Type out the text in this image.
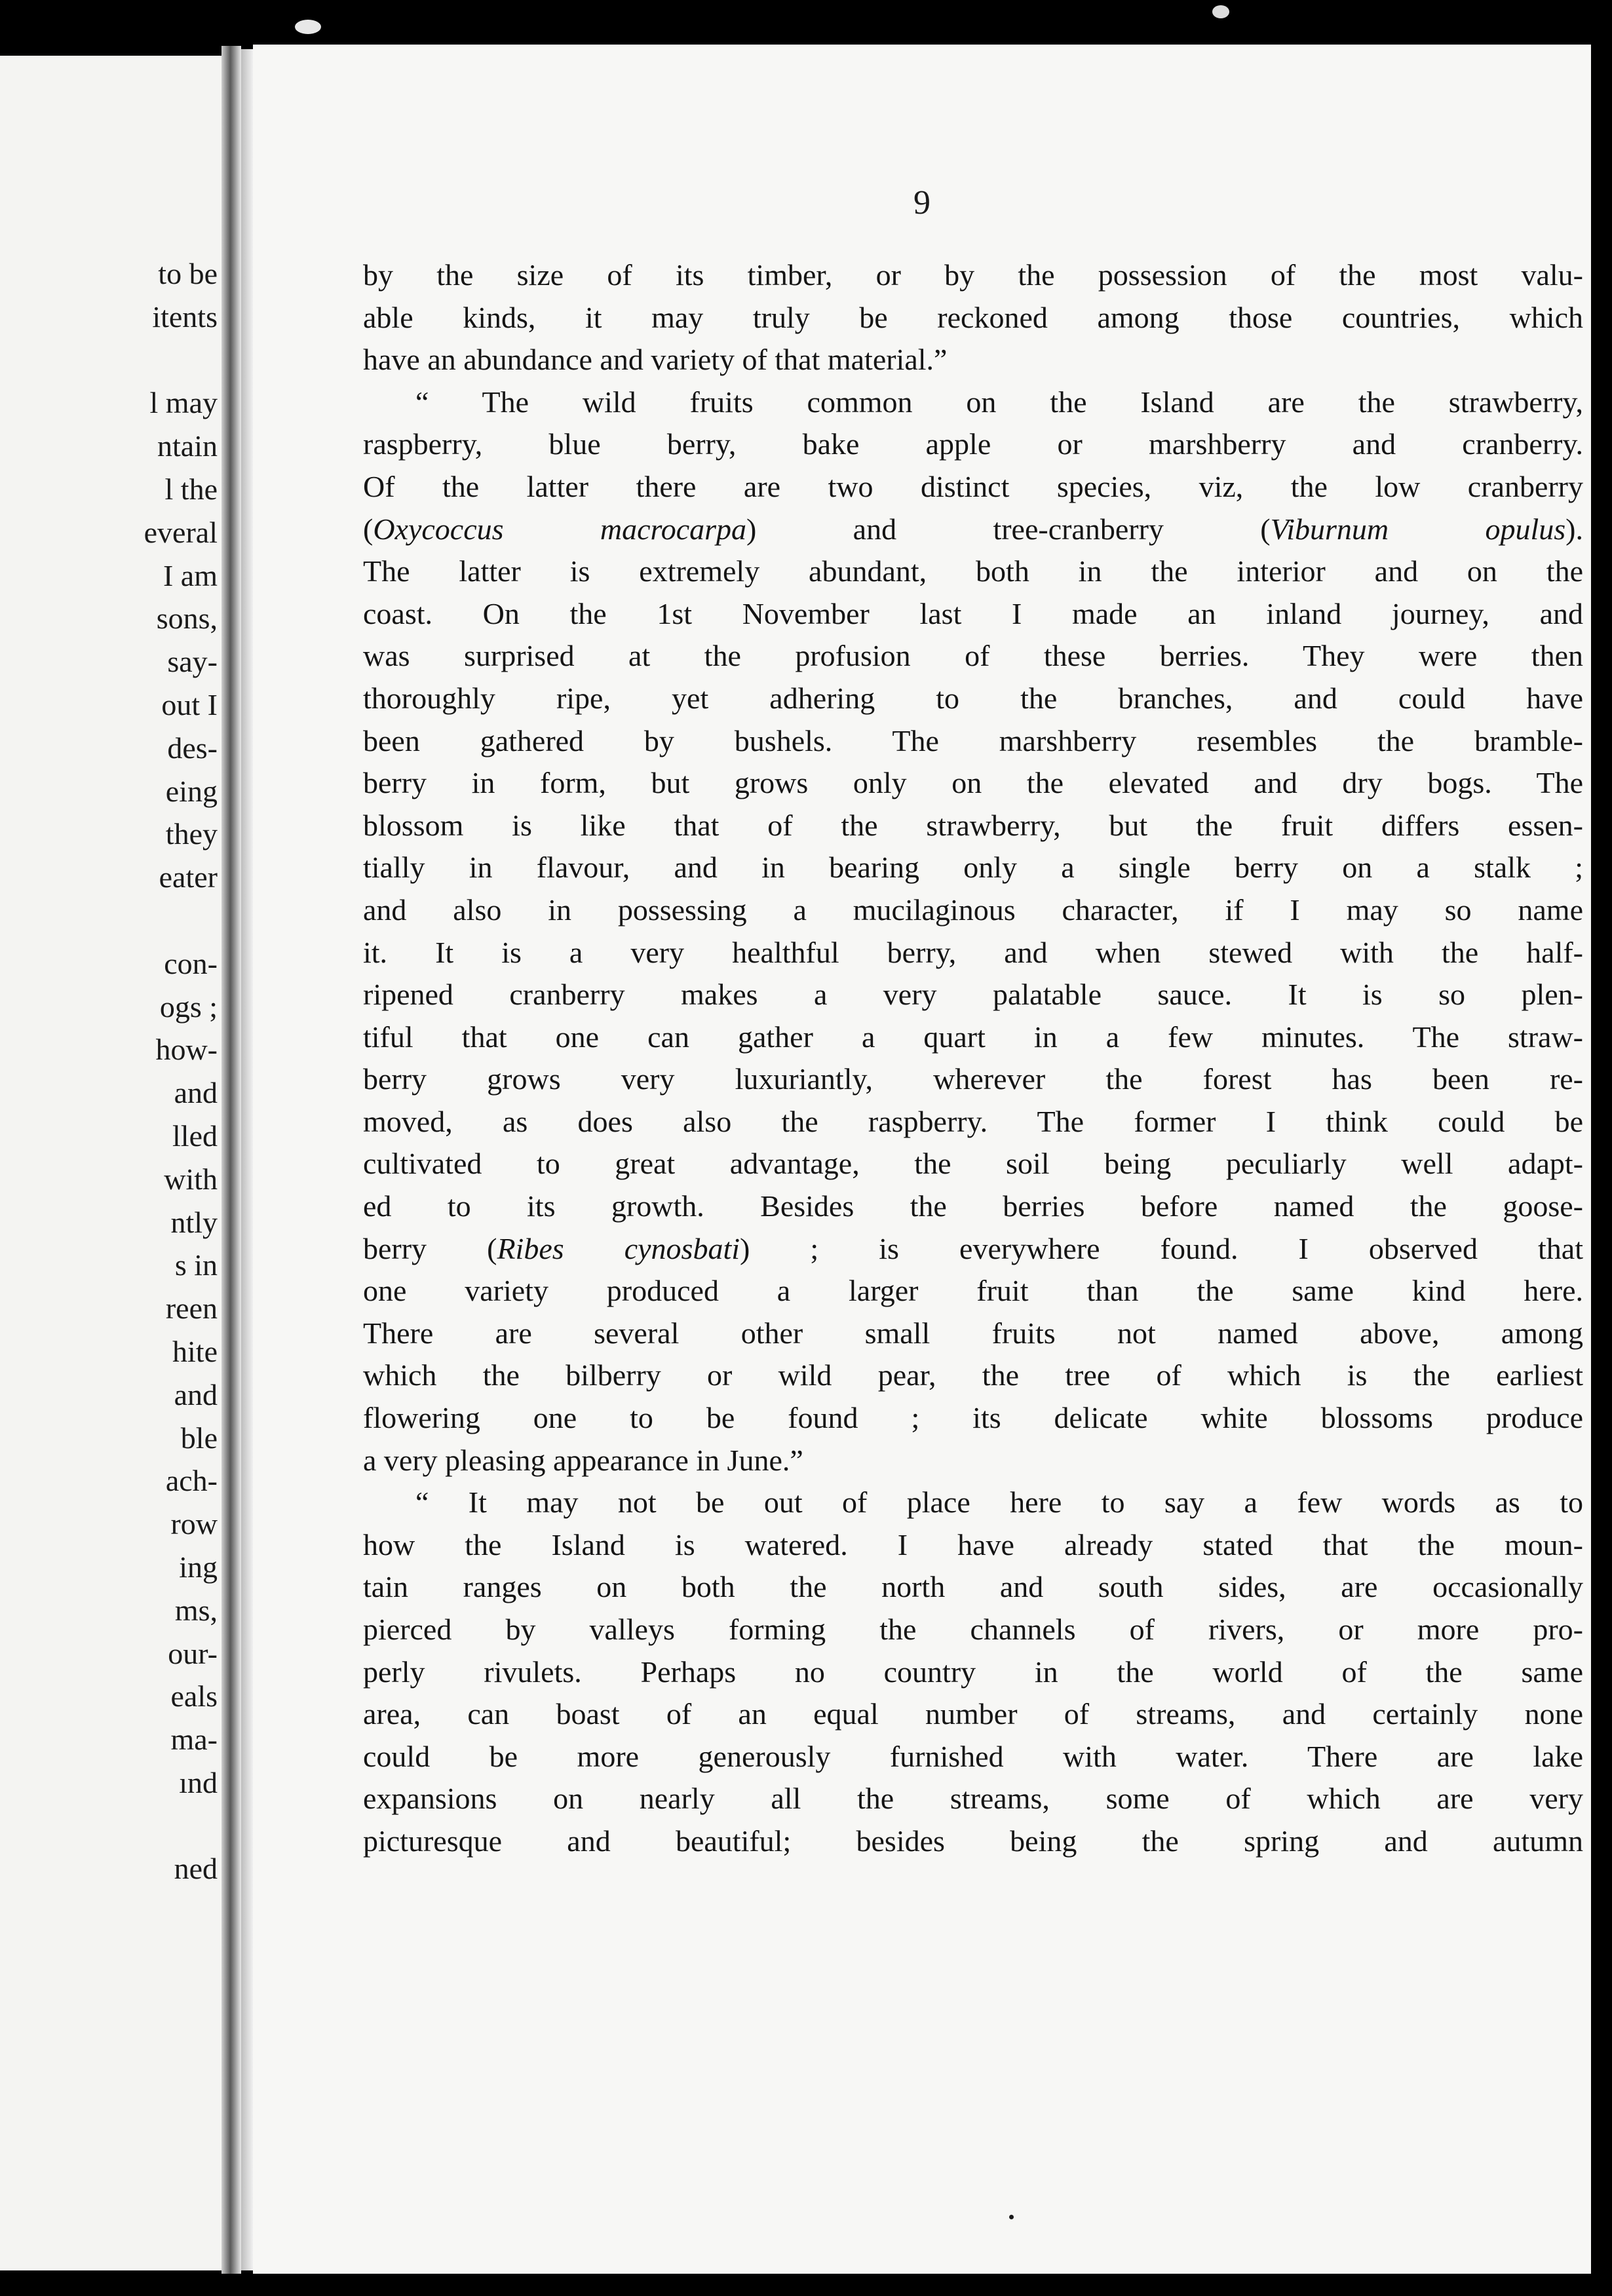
to be
itents
l may
ntain
l the
everal
I am
sons,
say-
out I
des-
eing
they
eater
con-
ogs ;
how-
and
lled
with
ntly
s in
reen
hite
and
ble
ach-
row
ing
ms,
our-
eals
ma-
ınd
ned

9

by the size of its timber, or by the possession of the most valu-
able kinds, it may truly be reckoned among those countries, which
have an abundance and variety of that material.”
“ The wild fruits common on the Island are the strawberry,
raspberry, blue berry, bake apple or marshberry and cranberry.
Of the latter there are two distinct species, viz, the low cranberry
(Oxycoccus macrocarpa) and tree-cranberry (Viburnum opulus).
The latter is extremely abundant, both in the interior and on the
coast. On the 1st November last I made an inland journey, and
was surprised at the profusion of these berries. They were then
thoroughly ripe, yet adhering to the branches, and could have
been gathered by bushels. The marshberry resembles the bramble-
berry in form, but grows only on the elevated and dry bogs. The
blossom is like that of the strawberry, but the fruit differs essen-
tially in flavour, and in bearing only a single berry on a stalk ;
and also in possessing a mucilaginous character, if I may so name
it. It is a very healthful berry, and when stewed with the half-
ripened cranberry makes a very palatable sauce. It is so plen-
tiful that one can gather a quart in a few minutes. The straw-
berry grows very luxuriantly, wherever the forest has been re-
moved, as does also the raspberry. The former I think could be
cultivated to great advantage, the soil being peculiarly well adapt-
ed to its growth. Besides the berries before named the goose-
berry (Ribes cynosbati) ; is everywhere found. I observed that
one variety produced a larger fruit than the same kind here.
There are several other small fruits not named above, among
which the bilberry or wild pear, the tree of which is the earliest
flowering one to be found ; its delicate white blossoms produce
a very pleasing appearance in June.”
“ It may not be out of place here to say a few words as to
how the Island is watered. I have already stated that the moun-
tain ranges on both the north and south sides, are occasionally
pierced by valleys forming the channels of rivers, or more pro-
perly rivulets. Perhaps no country in the world of the same
area, can boast of an equal number of streams, and certainly none
could be more generously furnished with water. There are lake
expansions on nearly all the streams, some of which are very
picturesque and beautiful; besides being the spring and autumn
